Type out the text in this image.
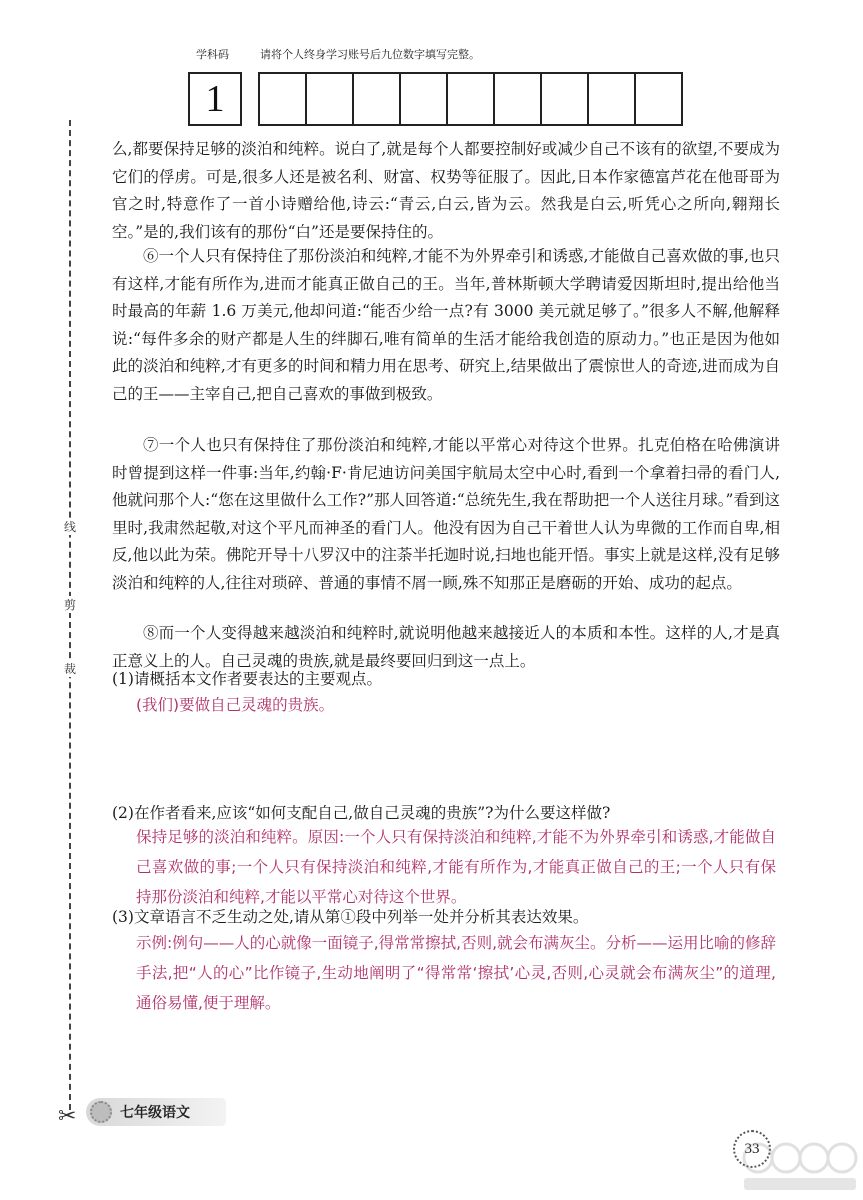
学科码	请将个人终身学习账号后九位数字填写完整。
1
线
剪
裁
✂

么,都要保持足够的淡泊和纯粹。说白了,就是每个人都要控制好或减少自己不该有的欲望,不要成为它们的俘虏。可是,很多人还是被名利、财富、权势等征服了。因此,日本作家德富芦花在他哥哥为官之时,特意作了一首小诗赠给他,诗云:“青云,白云,皆为云。然我是白云,听凭心之所向,翱翔长空。”是的,我们该有的那份“白”还是要保持住的。

⑥一个人只有保持住了那份淡泊和纯粹,才能不为外界牵引和诱惑,才能做自己喜欢做的事,也只有这样,才能有所作为,进而才能真正做自己的王。当年,普林斯顿大学聘请爱因斯坦时,提出给他当时最高的年薪 1.6 万美元,他却问道:“能否少给一点?有 3000 美元就足够了。”很多人不解,他解释说:“每件多余的财产都是人生的绊脚石,唯有简单的生活才能给我创造的原动力。”也正是因为他如此的淡泊和纯粹,才有更多的时间和精力用在思考、研究上,结果做出了震惊世人的奇迹,进而成为自己的王——主宰自己,把自己喜欢的事做到极致。

⑦一个人也只有保持住了那份淡泊和纯粹,才能以平常心对待这个世界。扎克伯格在哈佛演讲时曾提到这样一件事:当年,约翰·F·肯尼迪访问美国宇航局太空中心时,看到一个拿着扫帚的看门人,他就问那个人:“您在这里做什么工作?”那人回答道:“总统先生,我在帮助把一个人送往月球。”看到这里时,我肃然起敬,对这个平凡而神圣的看门人。他没有因为自己干着世人认为卑微的工作而自卑,相反,他以此为荣。佛陀开导十八罗汉中的注荼半托迦时说,扫地也能开悟。事实上就是这样,没有足够淡泊和纯粹的人,往往对琐碎、普通的事情不屑一顾,殊不知那正是磨砺的开始、成功的起点。

⑧而一个人变得越来越淡泊和纯粹时,就说明他越来越接近人的本质和本性。这样的人,才是真正意义上的人。自己灵魂的贵族,就是最终要回归到这一点上。

(1)请概括本文作者要表达的主要观点。

(我们)要做自己灵魂的贵族。

(2)在作者看来,应该“如何支配自己,做自己灵魂的贵族”?为什么要这样做?

保持足够的淡泊和纯粹。原因:一个人只有保持淡泊和纯粹,才能不为外界牵引和诱惑,才能做自己喜欢做的事;一个人只有保持淡泊和纯粹,才能有所作为,才能真正做自己的王;一个人只有保持那份淡泊和纯粹,才能以平常心对待这个世界。

(3)文章语言不乏生动之处,请从第①段中列举一处并分析其表达效果。

示例:例句——人的心就像一面镜子,得常常擦拭,否则,就会布满灰尘。分析——运用比喻的修辞手法,把“人的心”比作镜子,生动地阐明了“得常常‘擦拭’心灵,否则,心灵就会布满灰尘”的道理,通俗易懂,便于理解。

七年级语文
33
